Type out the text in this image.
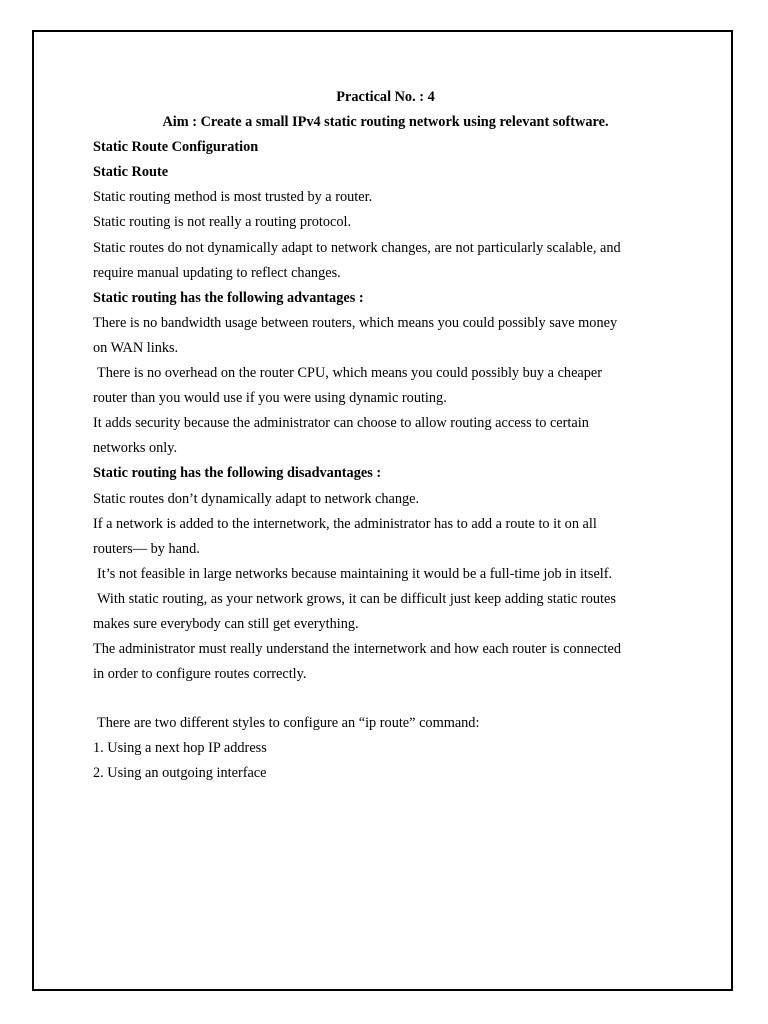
Practical No. : 4
Aim : Create a small IPv4 static routing network using relevant software.
Static Route Configuration
Static Route
Static routing method is most trusted by a router.
Static routing is not really a routing protocol.
Static routes do not dynamically adapt to network changes, are not particularly scalable, and
require manual updating to reflect changes.
Static routing has the following advantages :
There is no bandwidth usage between routers, which means you could possibly save money
on WAN links.
There is no overhead on the router CPU, which means you could possibly buy a cheaper
router than you would use if you were using dynamic routing.
It adds security because the administrator can choose to allow routing access to certain
networks only.
Static routing has the following disadvantages :
Static routes don’t dynamically adapt to network change.
If a network is added to the internetwork, the administrator has to add a route to it on all
routers— by hand.
It’s not feasible in large networks because maintaining it would be a full-time job in itself.
With static routing, as your network grows, it can be difficult just keep adding static routes
makes sure everybody can still get everything.
The administrator must really understand the internetwork and how each router is connected
in order to configure routes correctly.
There are two different styles to configure an “ip route” command:
1. Using a next hop IP address
2. Using an outgoing interface
